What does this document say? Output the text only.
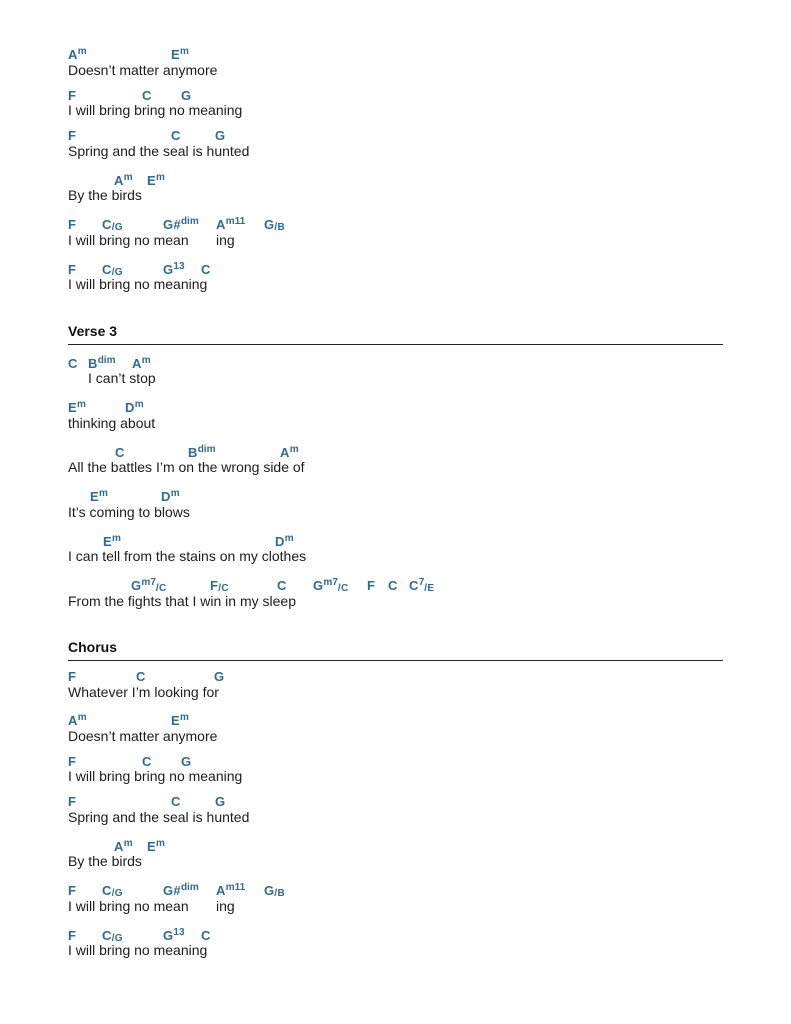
$A^m$	$E^m$
Doesn’t matter anymore
F	C G
I will bring bring no meaning
F	C	G
Spring and the seal is hunted
$A^m$ $E^m$
By the birds
F $C_{/G}$	G#$^{dim}$ $A^{m11}$ $G_{/B}$
I will bring no mean ing
F $C_{/G}$	$G^{13}$ C
I will bring no meaning
Verse 3
C $B^{dim}$ $A^m$
I can’t stop
$E^m$	$D^m$
thinking about
C	$B^{dim}$	$A^m$
All the battles I’m on the wrong side of
$E^m$	$D^m$
It’s coming to blows
$E^m$	$D^m$
I can tell from the stains on my clothes
$G^{m7}_{/C}$	$F_{/C}$	C $G^{m7}_{/C}$ F C $C^7_{/E}$
From the fights that I win in my sleep
Chorus
F	C	G
Whatever I’m looking for
$A^m$	$E^m$
Doesn’t matter anymore
F	C G
I will bring bring no meaning
F	C	G
Spring and the seal is hunted
$A^m$ $E^m$
By the birds
F $C_{/G}$	G#$^{dim}$ $A^{m11}$ $G_{/B}$
I will bring no mean ing
F $C_{/G}$	$G^{13}$ C
I will bring no meaning
